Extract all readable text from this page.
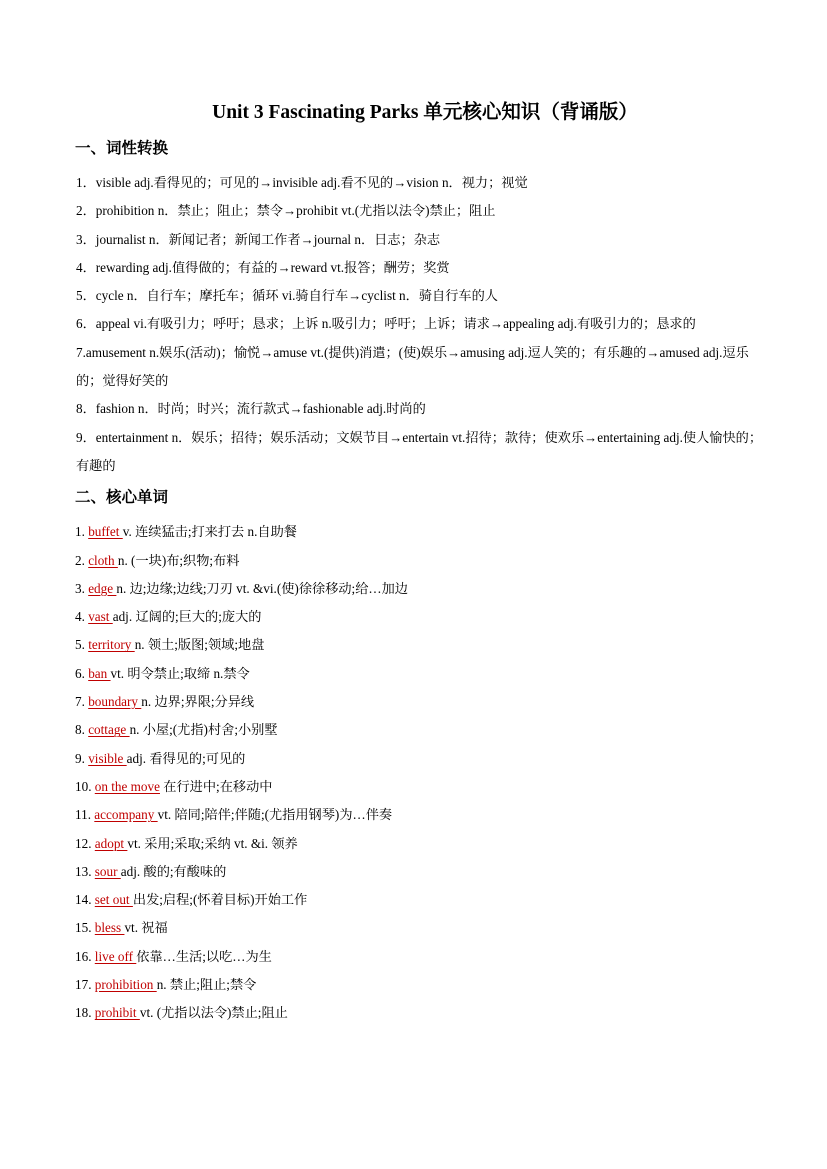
Unit 3 Fascinating Parks 单元核心知识（背诵版）
一、词性转换
1．visible adj.看得见的；可见的→invisible adj.看不见的→vision n．视力；视觉
2．prohibition n．禁止；阻止；禁令→prohibit vt.(尤指以法令)禁止；阻止
3．journalist n．新闻记者；新闻工作者→journal n．日志；杂志
4．rewarding adj.值得做的；有益的→reward vt.报答；酬劳；奖赏
5．cycle n．自行车；摩托车；循环 vi.骑自行车→cyclist n．骑自行车的人
6．appeal vi.有吸引力；呼吁；恳求；上诉 n.吸引力；呼吁；上诉；请求→appealing adj.有吸引力的；恳求的
7.amusement n.娱乐(活动)；愉悦→amuse vt.(提供)消遣；(使)娱乐→amusing adj.逗人笑的；有乐趣的→amused adj.逗乐的；觉得好笑的
8．fashion n．时尚；时兴；流行款式→fashionable adj.时尚的
9．entertainment n．娱乐；招待；娱乐活动；文娱节目→entertain vt.招待；款待；使欢乐→entertaining adj.使人愉快的；有趣的
二、核心单词
1. buffet v. 连续猛击;打来打去 n.自助餐
2. cloth n. (一块)布;织物;布料
3. edge n. 边;边缘;边线;刀刃 vt. &vi.(使)徐徐移动;给…加边
4. vast adj. 辽阔的;巨大的;庞大的
5. territory n. 领土;版图;领域;地盘
6. ban vt. 明令禁止;取缔 n.禁令
7. boundary n. 边界;界限;分异线
8. cottage n. 小屋;(尤指)村舍;小别墅
9. visible adj. 看得见的;可见的
10. on the move 在行进中;在移动中
11. accompany vt. 陪同;陪伴;伴随;(尤指用钢琴)为…伴奏
12. adopt vt. 采用;采取;采纳 vt. &i. 领养
13. sour adj. 酸的;有酸味的
14. set out 出发;启程;(怀着目标)开始工作
15. bless vt. 祝福
16. live off 依靠…生活;以吃…为生
17. prohibition n. 禁止;阻止;禁令
18. prohibit vt. (尤指以法令)禁止;阻止
